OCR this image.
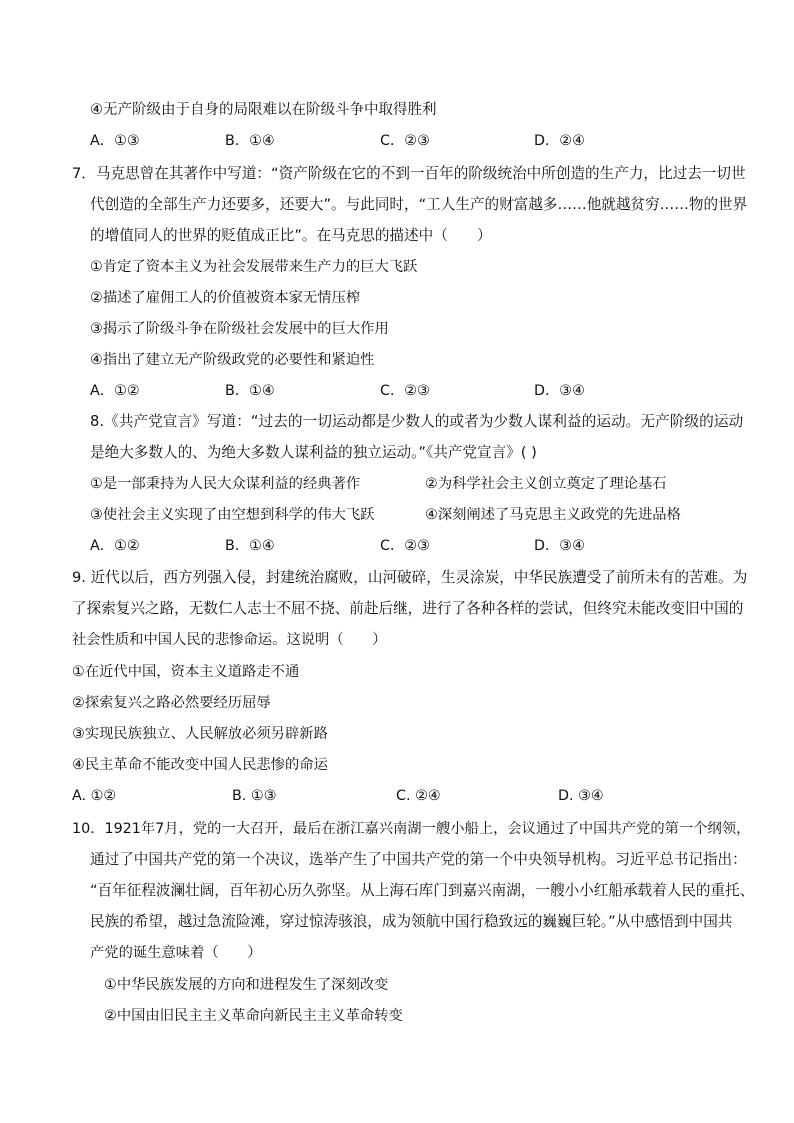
④无产阶级由于自身的局限难以在阶级斗争中取得胜利
A．①③	B．①④	C．②③	D．②④
7．马克思曾在其著作中写道：“资产阶级在它的不到一百年的阶级统治中所创造的生产力，比过去一切世
代创造的全部生产力还要多，还要大”。与此同时，“工人生产的财富越多……他就越贫穷……物的世界
的增值同人的世界的贬值成正比”。在马克思的描述中（　　）
①肯定了资本主义为社会发展带来生产力的巨大飞跃
②描述了雇佣工人的价值被资本家无情压榨
③揭示了阶级斗争在阶级社会发展中的巨大作用
④指出了建立无产阶级政党的必要性和紧迫性
A．①②	B．①④	C．②③	D．③④
8.《共产党宣言》写道：“过去的一切运动都是少数人的或者为少数人谋利益的运动。无产阶级的运动
是绝大多数人的、为绝大多数人谋利益的独立运动。”《共产党宣言》( )
①是一部秉持为人民大众谋利益的经典著作	②为科学社会主义创立奠定了理论基石
③使社会主义实现了由空想到科学的伟大飞跃	④深刻阐述了马克思主义政党的先进品格
A．①②	B．①④	C．②③	D．③④
9. 近代以后，西方列强入侵，封建统治腐败，山河破碎，生灵涂炭，中华民族遭受了前所未有的苦难。为
了探索复兴之路，无数仁人志士不屈不挠、前赴后继，进行了各种各样的尝试，但终究未能改变旧中国的
社会性质和中国人民的悲惨命运。这说明（　　）
①在近代中国，资本主义道路走不通
②探索复兴之路必然要经历屈辱
③实现民族独立、人民解放必须另辟新路
④民主革命不能改变中国人民悲惨的命运
A. ①②	B. ①③	C. ②④	D. ③④
10．1921年7月，党的一大召开，最后在浙江嘉兴南湖一艘小船上，会议通过了中国共产党的第一个纲领，
通过了中国共产党的第一个决议，选举产生了中国共产党的第一个中央领导机构。习近平总书记指出：
“百年征程波澜壮阔，百年初心历久弥坚。从上海石库门到嘉兴南湖，一艘小小红船承载着人民的重托、
民族的希望，越过急流险滩，穿过惊涛骇浪，成为领航中国行稳致远的巍巍巨轮。”从中感悟到中国共
产党的诞生意味着（　　）
①中华民族发展的方向和进程发生了深刻改变
②中国由旧民主主义革命向新民主主义革命转变
